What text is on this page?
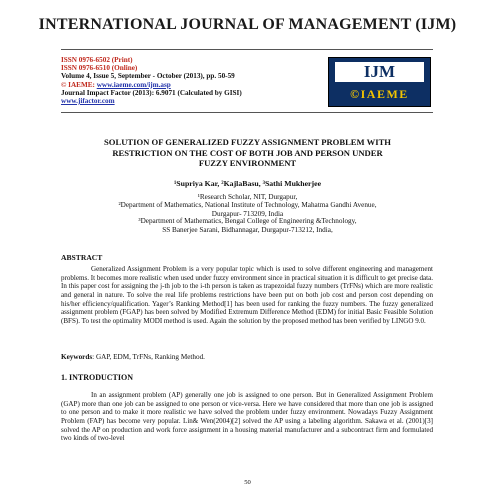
INTERNATIONAL JOURNAL OF MANAGEMENT (IJM)
ISSN 0976-6502 (Print)
ISSN 0976-6510 (Online)
Volume 4, Issue 5, September - October (2013), pp. 50-59
© IAEME: www.iaeme.com/ijm.asp
Journal Impact Factor (2013): 6.9071 (Calculated by GISI)
www.jifactor.com
IJM
©IAEME
SOLUTION OF GENERALIZED FUZZY ASSIGNMENT PROBLEM WITH
RESTRICTION ON THE COST OF BOTH JOB AND PERSON UNDER
FUZZY ENVIRONMENT
¹Supriya Kar, ²KajlaBasu, ³Sathi Mukherjee
¹Research Scholar, NIT, Durgapur,
²Department of Mathematics, National Institute of Technology, Mahatma Gandhi Avenue,
Durgapur- 713209, India
³Department of Mathematics, Bengal College of Engineering &Technology,
SS Banerjee Sarani, Bidhannagar, Durgapur-713212, India,
ABSTRACT
Generalized Assignment Problem is a very popular topic which is used to solve different engineering and management problems. It becomes more realistic when used under fuzzy environment since in practical situation it is difficult to get precise data. In this paper cost for assigning the j-th job to the i-th person is taken as trapezoidal fuzzy numbers (TrFNs) which are more realistic and general in nature. To solve the real life problems restrictions have been put on both job cost and person cost depending on his/her efficiency/qualification. Yager’s Ranking Method[1] has been used for ranking the fuzzy numbers. The fuzzy generalized assignment problem (FGAP) has been solved by Modified Extremum Difference Method (EDM) for initial Basic Feasible Solution (BFS). To test the optimality MODI method is used. Again the solution by the proposed method has been verified by LINGO 9.0.
Keywords: GAP, EDM, TrFNs, Ranking Method.
1. INTRODUCTION
In an assignment problem (AP) generally one job is assigned to one person. But in Generalized Assignment Problem (GAP) more than one job can be assigned to one person or vice-versa. Here we have considered that more than one job is assigned to one person and to make it more realistic we have solved the problem under fuzzy environment. Nowadays Fuzzy Assignment Problem (FAP) has become very popular. Lin& Wen(2004)[2] solved the AP using a labeling algorithm. Sakawa et al. (2001)[3] solved the AP on production and work force assignment in a housing material manufacturer and a subcontract firm and formulated two kinds of two-level
50
